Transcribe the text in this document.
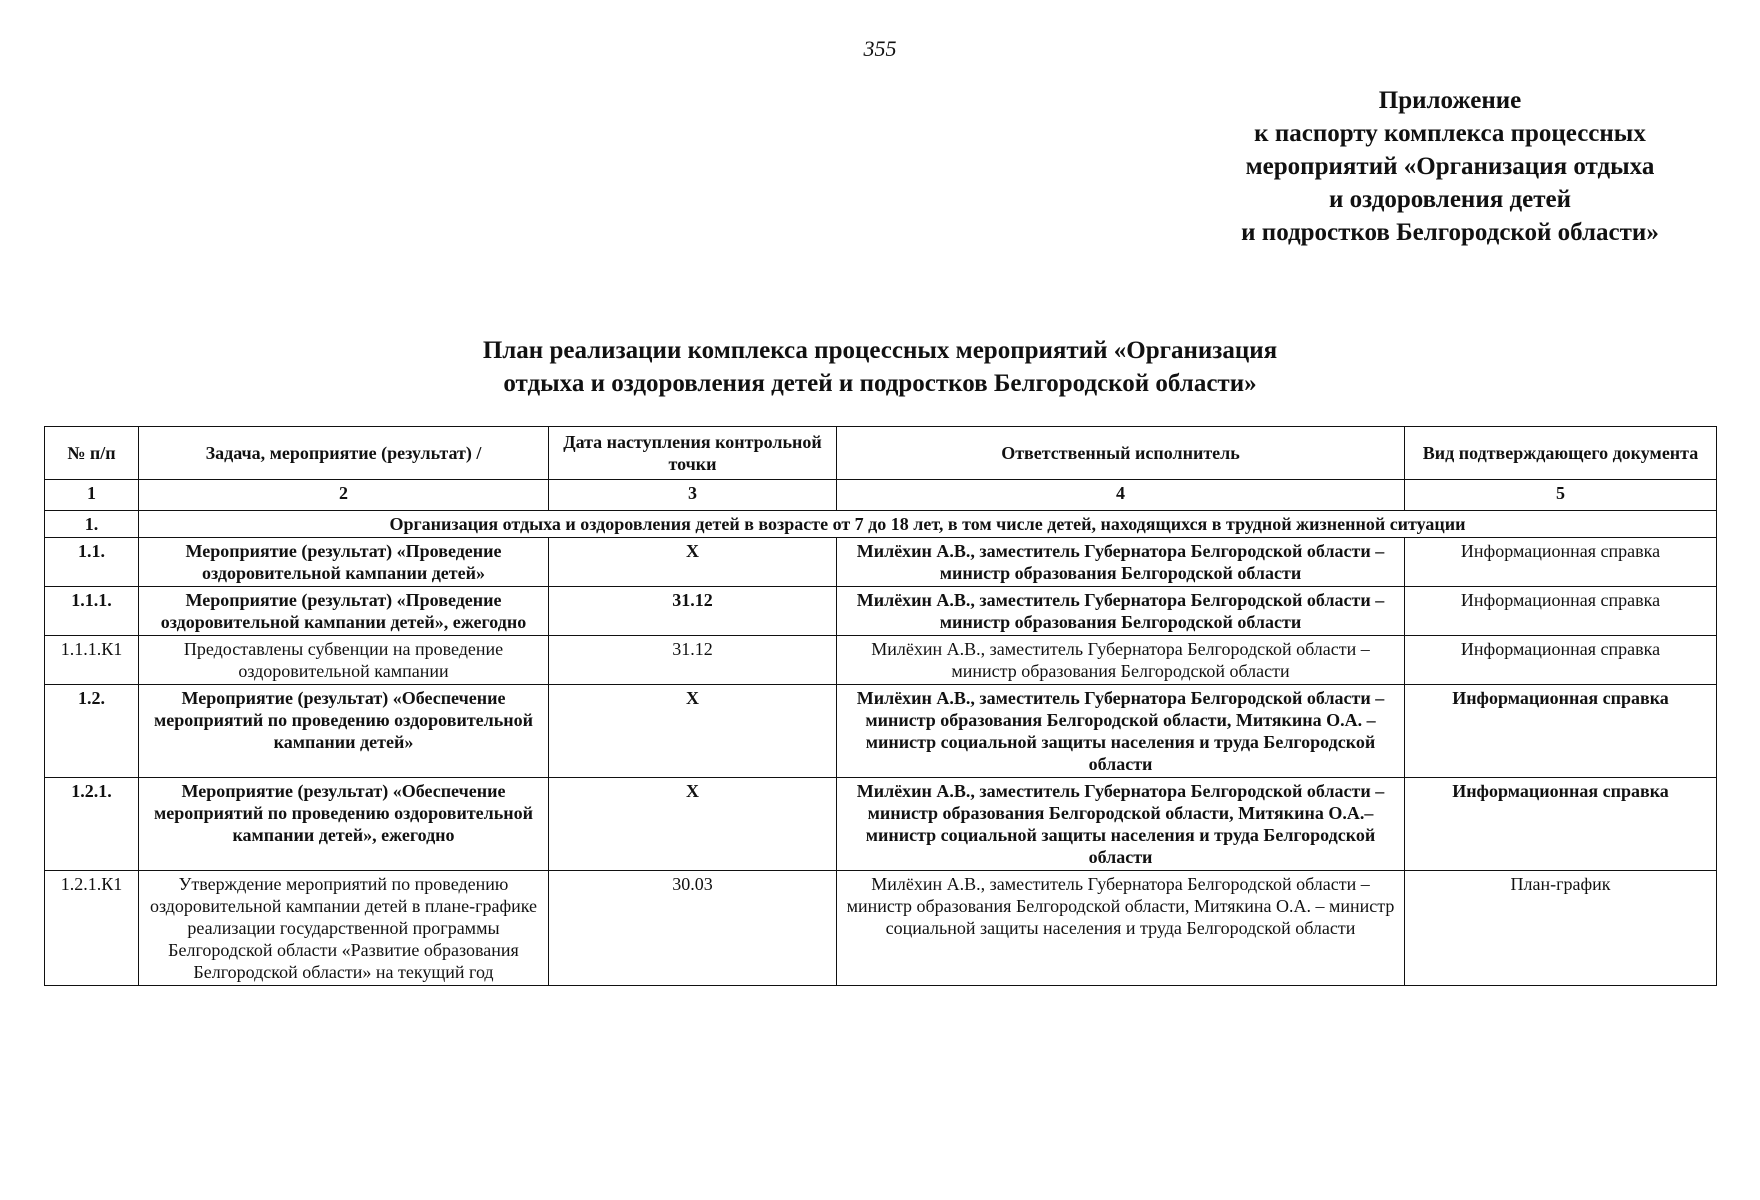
355
Приложение
к паспорту комплекса процессных
мероприятий «Организация отдыха
и оздоровления детей
и подростков Белгородской области»
План реализации комплекса процессных мероприятий «Организация
отдыха и оздоровления детей и подростков Белгородской области»
№ п/п	Задача, мероприятие (результат) /	Дата наступления контрольной точки	Ответственный исполнитель	Вид подтверждающего документа
1	2	3	4	5
1.	Организация отдыха и оздоровления детей в возрасте от 7 до 18 лет, в том числе детей, находящихся в трудной жизненной ситуации			
1.1.	Мероприятие (результат) «Проведение оздоровительной кампании детей»	Х	Милёхин А.В., заместитель Губернатора Белгородской области – министр образования Белгородской области	Информационная справка
1.1.1.	Мероприятие (результат) «Проведение оздоровительной кампании детей», ежегодно	31.12	Милёхин А.В., заместитель Губернатора Белгородской области – министр образования Белгородской области	Информационная справка
1.1.1.К1	Предоставлены субвенции на проведение оздоровительной кампании	31.12	Милёхин А.В., заместитель Губернатора Белгородской области – министр образования Белгородской области	Информационная справка
1.2.	Мероприятие (результат) «Обеспечение мероприятий по проведению оздоровительной кампании детей»	Х	Милёхин А.В., заместитель Губернатора Белгородской области – министр образования Белгородской области, Митякина О.А. – министр социальной защиты населения и труда Белгородской области	Информационная справка
1.2.1.	Мероприятие (результат) «Обеспечение мероприятий по проведению оздоровительной кампании детей», ежегодно	Х	Милёхин А.В., заместитель Губернатора Белгородской области – министр образования Белгородской области, Митякина О.А.– министр социальной защиты населения и труда Белгородской области	Информационная справка
1.2.1.К1	Утверждение мероприятий по проведению оздоровительной кампании детей в плане-графике реализации государственной программы Белгородской области «Развитие образования Белгородской области» на текущий год	30.03	Милёхин А.В., заместитель Губернатора Белгородской области – министр образования Белгородской области, Митякина О.А. – министр социальной защиты населения и труда Белгородской области	План-график
